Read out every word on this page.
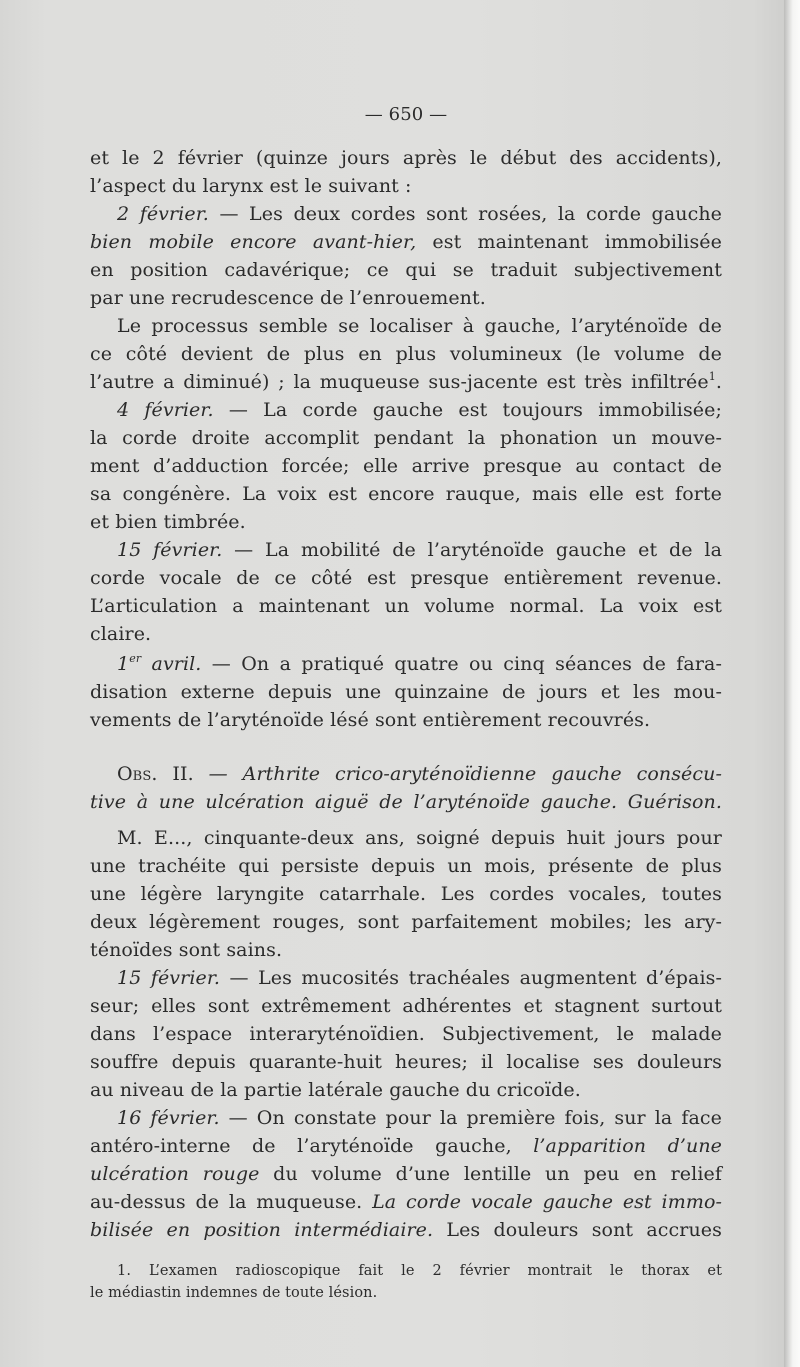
— 650 —
et le 2 février (quinze jours après le début des accidents),
l’aspect du larynx est le suivant :
2 février. — Les deux cordes sont rosées, la corde gauche
bien mobile encore avant-hier, est maintenant immobilisée
en position cadavérique; ce qui se traduit subjectivement
par une recrudescence de l’enrouement.
Le processus semble se localiser à gauche, l’aryténoïde de
ce côté devient de plus en plus volumineux (le volume de
l’autre a diminué) ; la muqueuse sus-jacente est très infiltrée$^1$.
4 février. — La corde gauche est toujours immobilisée;
la corde droite accomplit pendant la phonation un mouve-
ment d’adduction forcée; elle arrive presque au contact de
sa congénère. La voix est encore rauque, mais elle est forte
et bien timbrée.
15 février. — La mobilité de l’aryténoïde gauche et de la
corde vocale de ce côté est presque entièrement revenue.
L’articulation a maintenant un volume normal. La voix est
claire.
1er avril. — On a pratiqué quatre ou cinq séances de fara-
disation externe depuis une quinzaine de jours et les mou-
vements de l’aryténoïde lésé sont entièrement recouvrés.
Obs. II. — Arthrite crico-aryténoïdienne gauche consécu-
tive à une ulcération aiguë de l’aryténoïde gauche. Guérison.
M. E..., cinquante-deux ans, soigné depuis huit jours pour
une trachéite qui persiste depuis un mois, présente de plus
une légère laryngite catarrhale. Les cordes vocales, toutes
deux légèrement rouges, sont parfaitement mobiles; les ary-
ténoïdes sont sains.
15 février. — Les mucosités trachéales augmentent d’épais-
seur; elles sont extrêmement adhérentes et stagnent surtout
dans l’espace interaryténoïdien. Subjectivement, le malade
souffre depuis quarante-huit heures; il localise ses douleurs
au niveau de la partie latérale gauche du cricoïde.
16 février. — On constate pour la première fois, sur la face
antéro-interne de l’aryténoïde gauche, l’apparition d’une
ulcération rouge du volume d’une lentille un peu en relief
au-dessus de la muqueuse. La corde vocale gauche est immo-
bilisée en position intermédiaire. Les douleurs sont accrues
1. L’examen radioscopique fait le 2 février montrait le thorax et
le médiastin indemnes de toute lésion.
